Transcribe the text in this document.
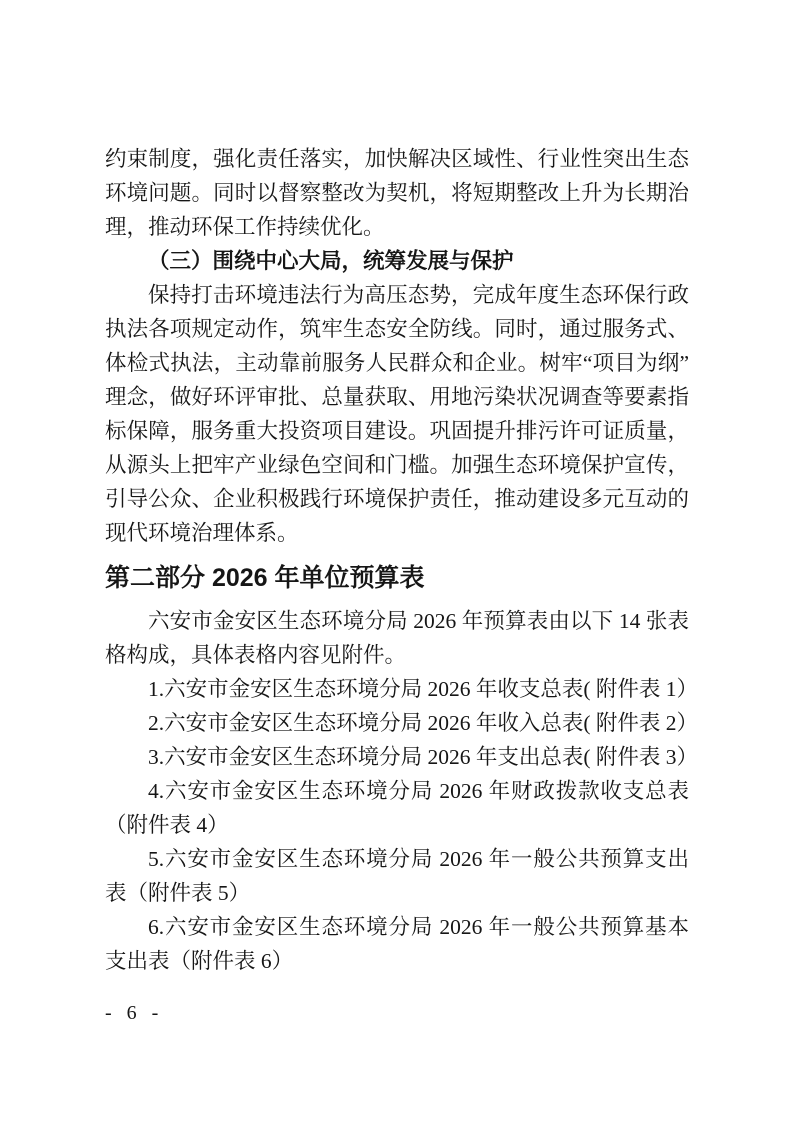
约束制度，强化责任落实，加快解决区域性、行业性突出生态环境问题。同时以督察整改为契机，将短期整改上升为长期治理，推动环保工作持续优化。

（三）围绕中心大局，统筹发展与保护

保持打击环境违法行为高压态势，完成年度生态环保行政执法各项规定动作，筑牢生态安全防线。同时，通过服务式、体检式执法，主动靠前服务人民群众和企业。树牢“项目为纲”理念，做好环评审批、总量获取、用地污染状况调查等要素指标保障，服务重大投资项目建设。巩固提升排污许可证质量，从源头上把牢产业绿色空间和门槛。加强生态环境保护宣传，引导公众、企业积极践行环境保护责任，推动建设多元互动的现代环境治理体系。

第二部分 2026 年单位预算表

六安市金安区生态环境分局 2026 年预算表由以下 14 张表格构成，具体表格内容见附件。

1.六安市金安区生态环境分局 2026 年收支总表( 附件表 1）

2.六安市金安区生态环境分局 2026 年收入总表( 附件表 2）

3.六安市金安区生态环境分局 2026 年支出总表( 附件表 3）

4.六安市金安区生态环境分局 2026 年财政拨款收支总表（附件表 4）

5.六安市金安区生态环境分局 2026 年一般公共预算支出表（附件表 5）

6.六安市金安区生态环境分局 2026 年一般公共预算基本支出表（附件表 6）

- 6 -
